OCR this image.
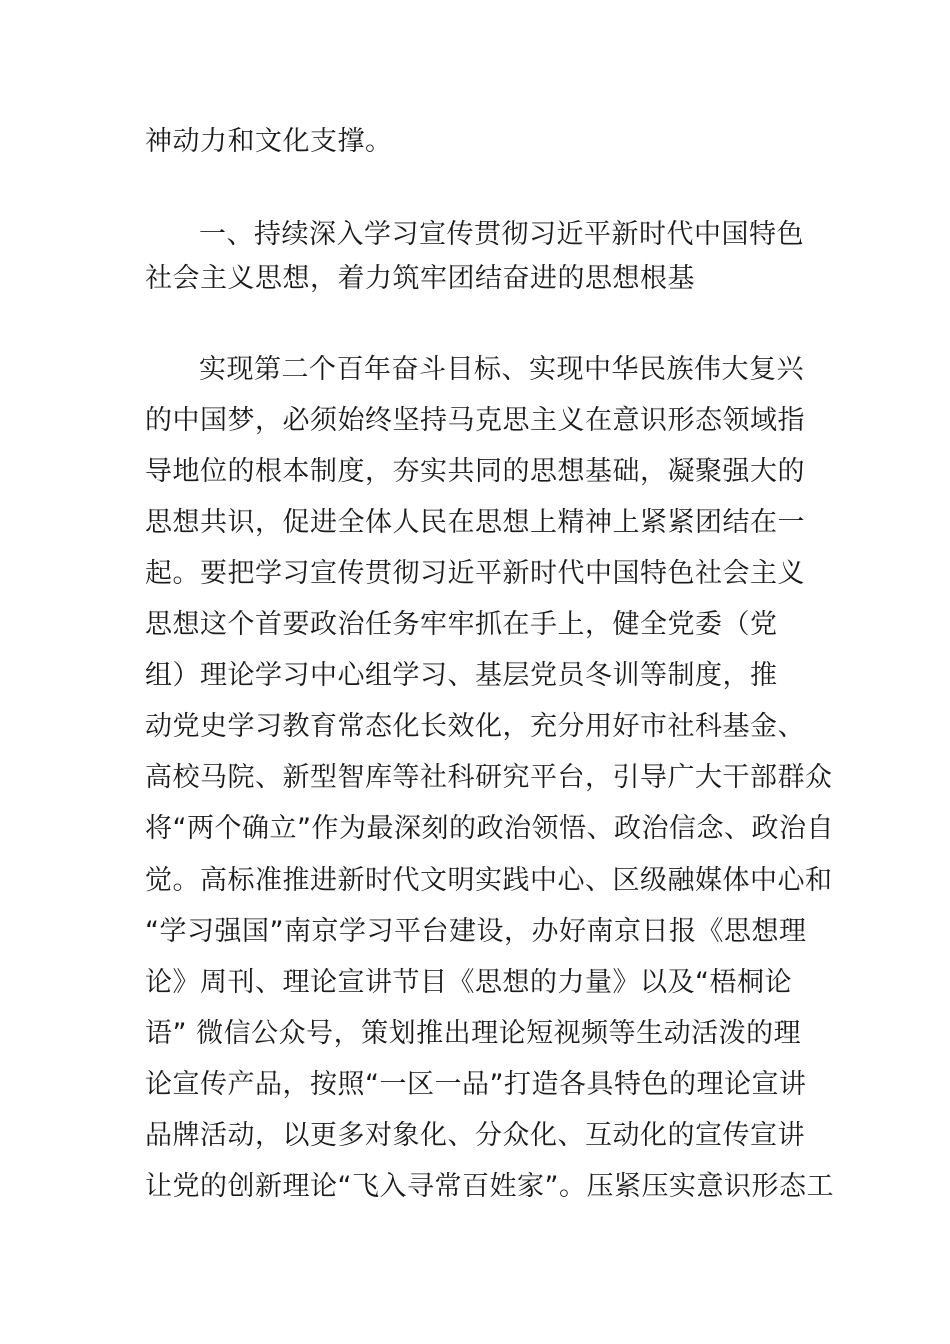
神动力和文化支撑。
一、持续深入学习宣传贯彻习近平新时代中国特色
社会主义思想，着力筑牢团结奋进的思想根基
实现第二个百年奋斗目标、实现中华民族伟大复兴
的中国梦，必须始终坚持马克思主义在意识形态领域指
导地位的根本制度，夯实共同的思想基础，凝聚强大的
思想共识，促进全体人民在思想上精神上紧紧团结在一
起。要把学习宣传贯彻习近平新时代中国特色社会主义
思想这个首要政治任务牢牢抓在手上，健全党委（党
组）理论学习中心组学习、基层党员冬训等制度，推
动党史学习教育常态化长效化，充分用好市社科基金、
高校马院、新型智库等社科研究平台，引导广大干部群众
将“两个确立”作为最深刻的政治领悟、政治信念、政治自
觉。高标准推进新时代文明实践中心、区级融媒体中心和
“学习强国”南京学习平台建设，办好南京日报《思想理
论》周刊、理论宣讲节目《思想的力量》以及“梧桐论
语” 微信公众号，策划推出理论短视频等生动活泼的理
论宣传产品，按照“一区一品”打造各具特色的理论宣讲
品牌活动，以更多对象化、分众化、互动化的宣传宣讲
让党的创新理论“飞入寻常百姓家”。压紧压实意识形态工
